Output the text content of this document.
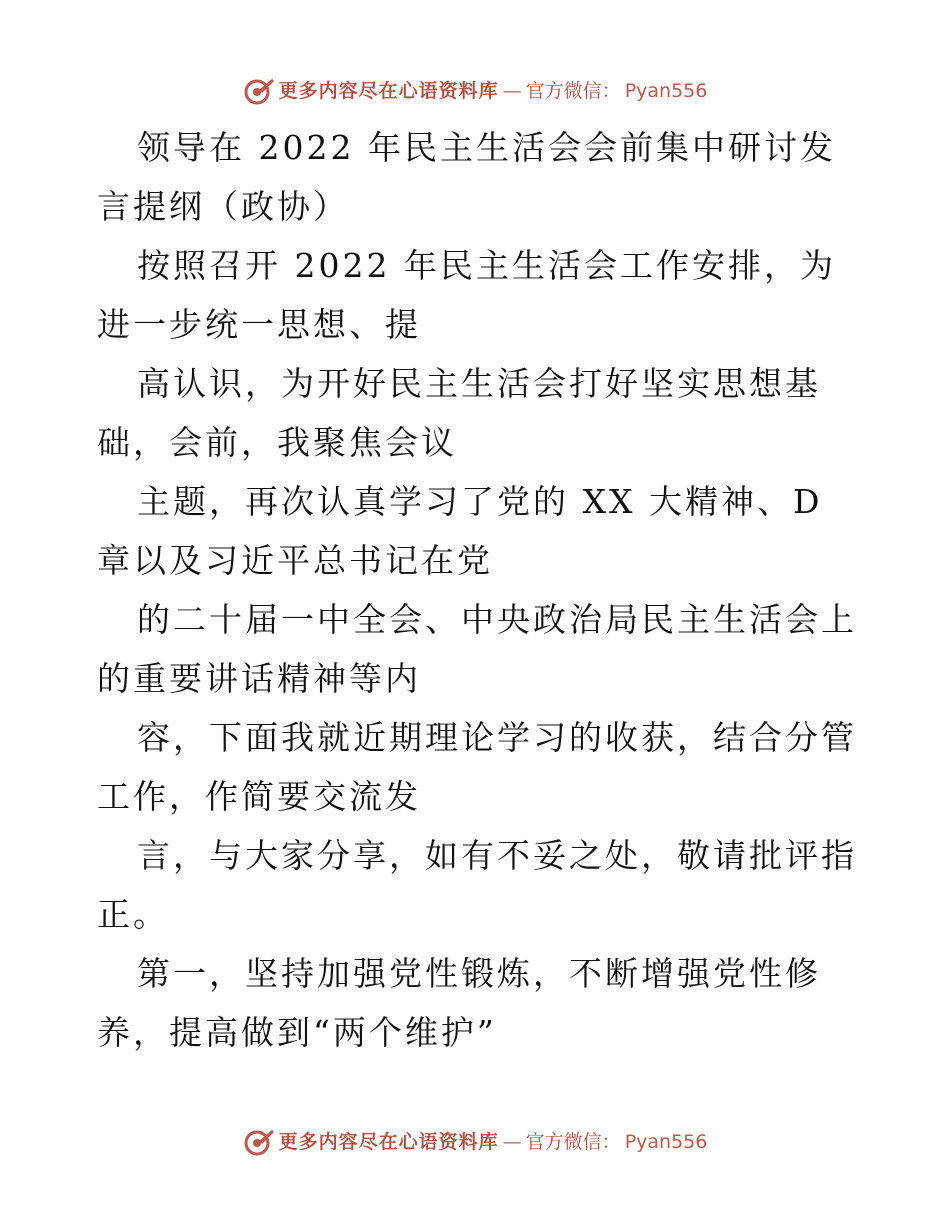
更多内容尽在心语资料库 — 官方微信： Pyan556

领导在 2022 年民主生活会会前集中研讨发言提纲（政协）

按照召开 2022 年民主生活会工作安排，为进一步统一思想、提

高认识，为开好民主生活会打好坚实思想基础，会前，我聚焦会议

主题，再次认真学习了党的 XX 大精神、D 章以及习近平总书记在党

的二十届一中全会、中央政治局民主生活会上的重要讲话精神等内

容，下面我就近期理论学习的收获，结合分管工作，作简要交流发

言，与大家分享，如有不妥之处，敬请批评指正。

第一，坚持加强党性锻炼，不断增强党性修养，提高做到“两个维护”

更多内容尽在心语资料库 — 官方微信： Pyan556
